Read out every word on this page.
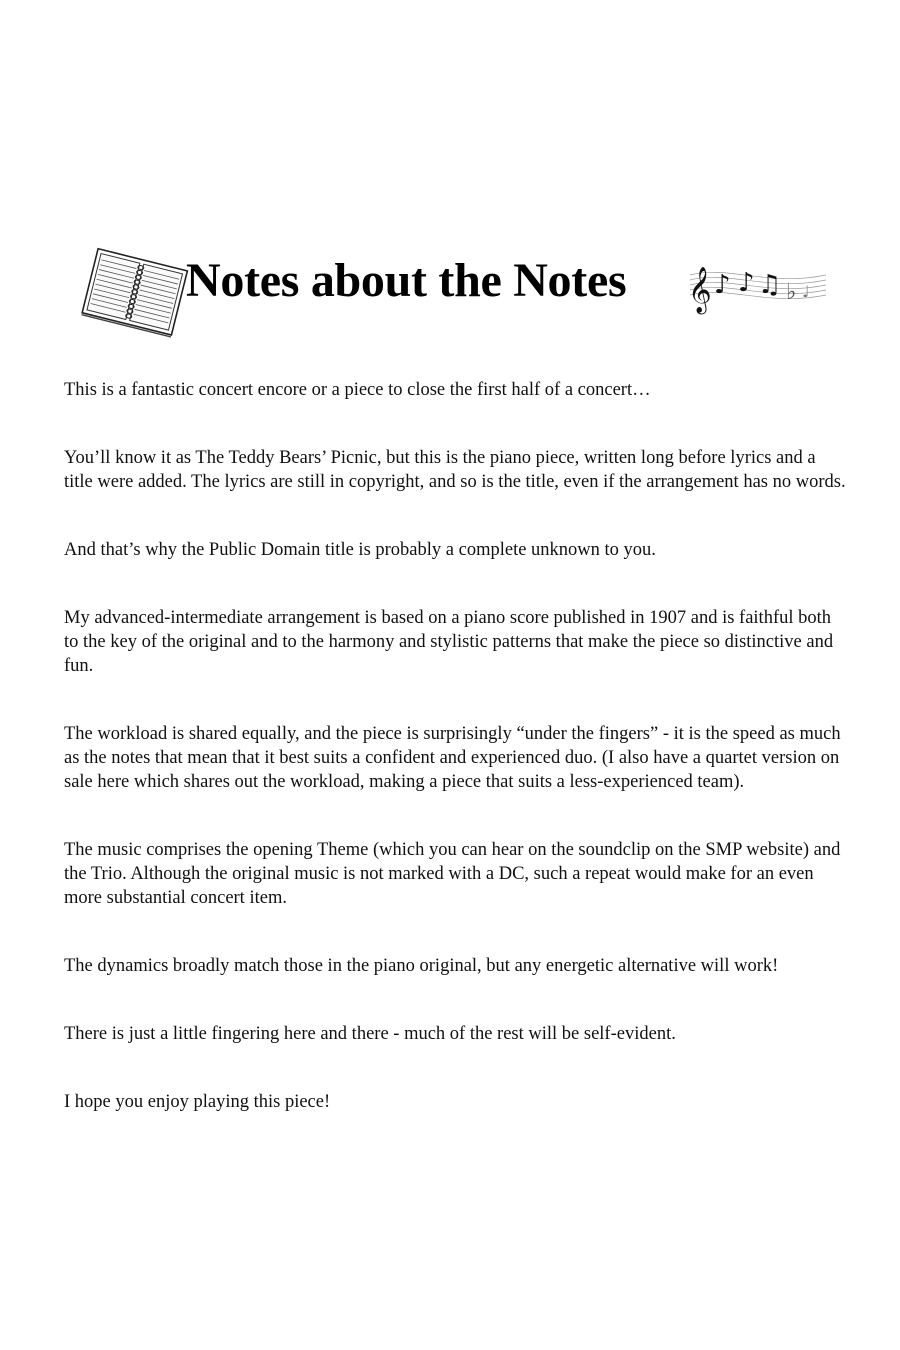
Notes about the Notes 𝄞 ♪ ♪ ♫ ♭ ♩

This is a fantastic concert encore or a piece to close the first half of a concert…

You’ll know it as The Teddy Bears’ Picnic, but this is the piano piece, written long before lyrics and a title were added. The lyrics are still in copyright, and so is the title, even if the arrangement has no words.

And that’s why the Public Domain title is probably a complete unknown to you.

My advanced-intermediate arrangement is based on a piano score published in 1907 and is faithful both to the key of the original and to the harmony and stylistic patterns that make the piece so distinctive and fun.

The workload is shared equally, and the piece is surprisingly “under the fingers” - it is the speed as much as the notes that mean that it best suits a confident and experienced duo. (I also have a quartet version on sale here which shares out the workload, making a piece that suits a less-experienced team).

The music comprises the opening Theme (which you can hear on the soundclip on the SMP website) and the Trio. Although the original music is not marked with a DC, such a repeat would make for an even more substantial concert item.

The dynamics broadly match those in the piano original, but any energetic alternative will work!

There is just a little fingering here and there - much of the rest will be self-evident.

I hope you enjoy playing this piece!
